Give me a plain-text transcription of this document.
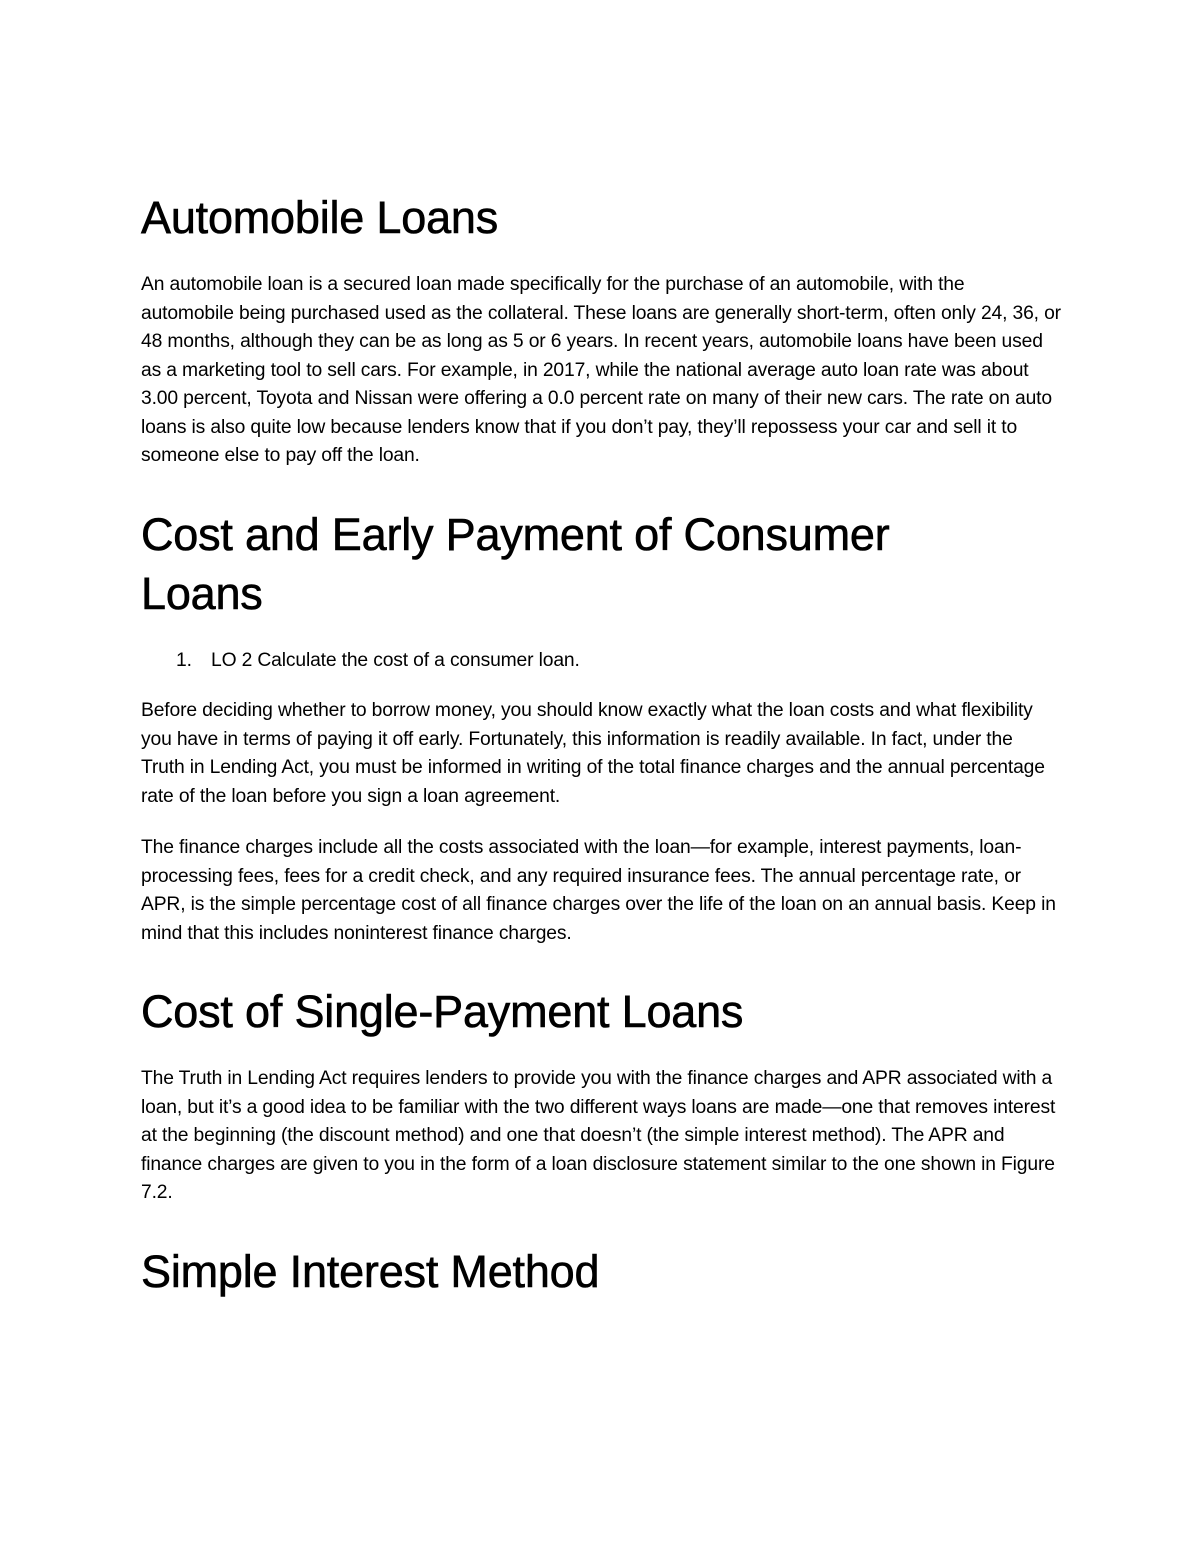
Automobile Loans

An automobile loan is a secured loan made specifically for the purchase of an automobile, with the automobile being purchased used as the collateral. These loans are generally short-term, often only 24, 36, or 48 months, although they can be as long as 5 or 6 years. In recent years, automobile loans have been used as a marketing tool to sell cars. For example, in 2017, while the national average auto loan rate was about 3.00 percent, Toyota and Nissan were offering a 0.0 percent rate on many of their new cars. The rate on auto loans is also quite low because lenders know that if you don’t pay, they’ll repossess your car and sell it to someone else to pay off the loan.

Cost and Early Payment of Consumer Loans
1. LO 2 Calculate the cost of a consumer loan.

Before deciding whether to borrow money, you should know exactly what the loan costs and what flexibility you have in terms of paying it off early. Fortunately, this information is readily available. In fact, under the Truth in Lending Act, you must be informed in writing of the total finance charges and the annual percentage rate of the loan before you sign a loan agreement.

The finance charges include all the costs associated with the loan—for example, interest payments, loan-processing fees, fees for a credit check, and any required insurance fees. The annual percentage rate, or APR, is the simple percentage cost of all finance charges over the life of the loan on an annual basis. Keep in mind that this includes noninterest finance charges.

Cost of Single-Payment Loans

The Truth in Lending Act requires lenders to provide you with the finance charges and APR associated with a loan, but it’s a good idea to be familiar with the two different ways loans are made—one that removes interest at the beginning (the discount method) and one that doesn’t (the simple interest method). The APR and finance charges are given to you in the form of a loan disclosure statement similar to the one shown in Figure 7.2.

Simple Interest Method
